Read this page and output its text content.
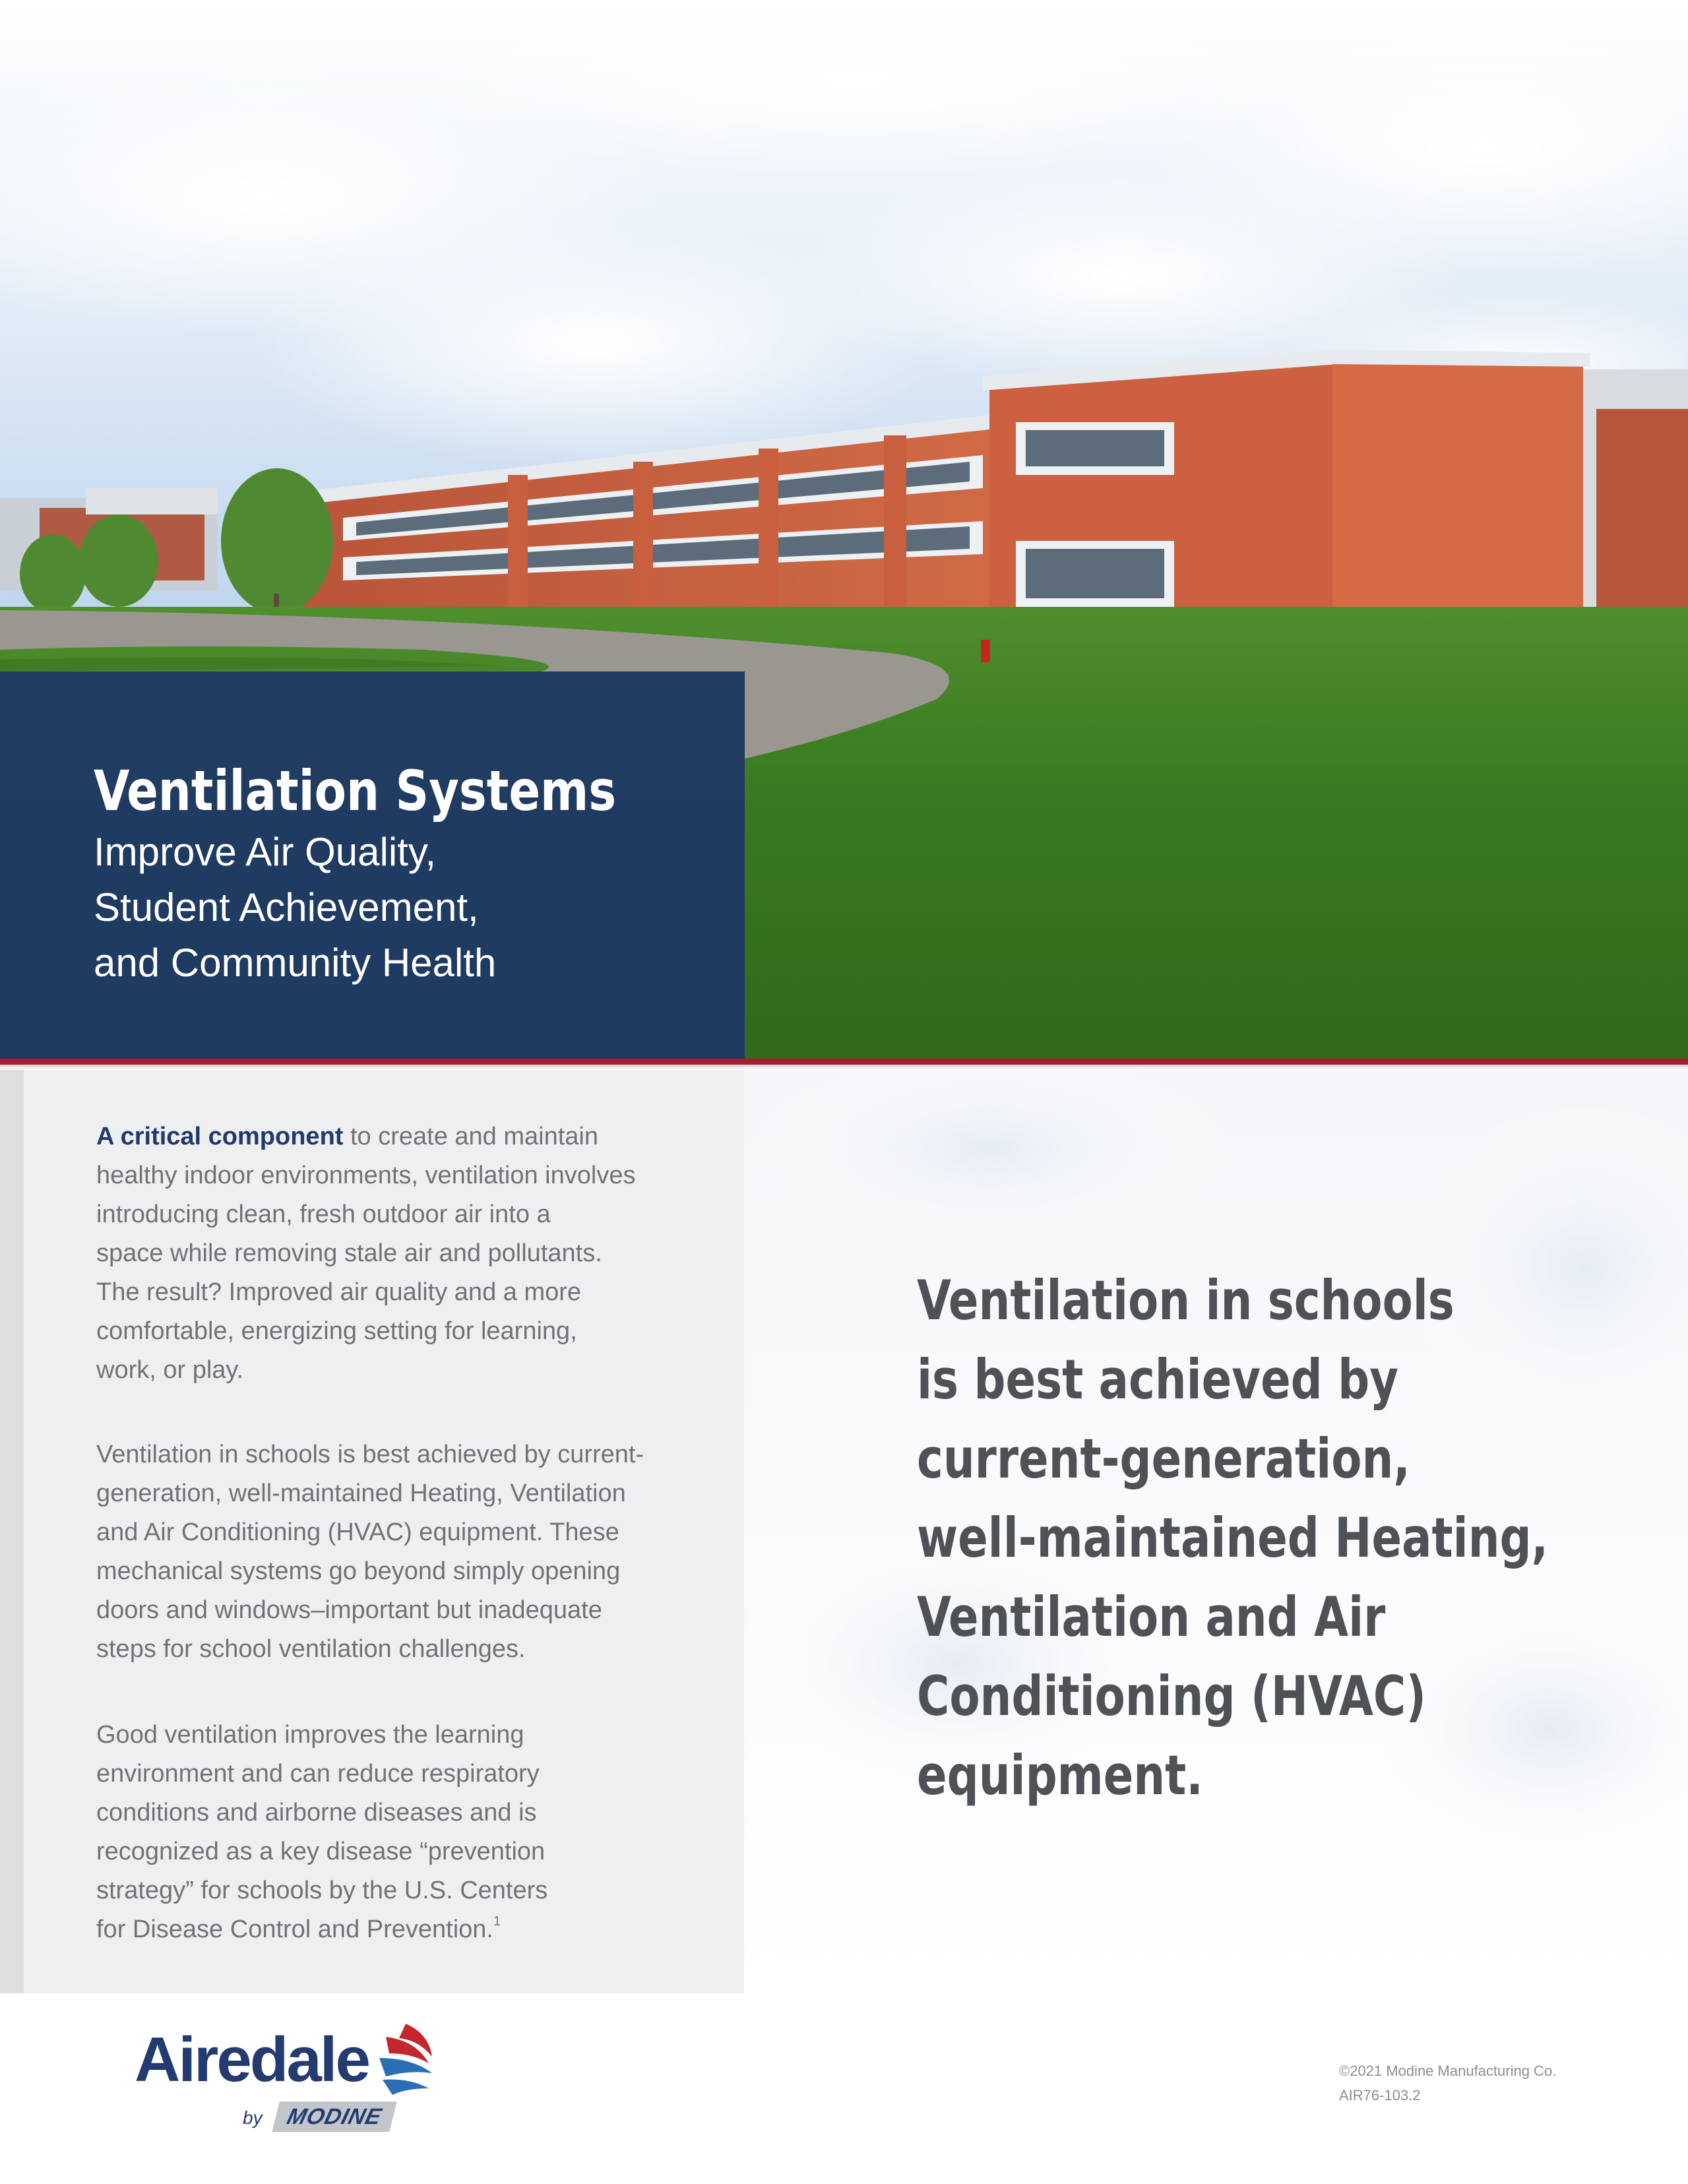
Ventilation Systems

Improve Air Quality,

Student Achievement,

and Community Health

A critical component to create and maintain

healthy indoor environments, ventilation involves

introducing clean, fresh outdoor air into a

space while removing stale air and pollutants.

The result? Improved air quality and a more

comfortable, energizing setting for learning,

work, or play.

Ventilation in schools is best achieved by current-

generation, well-maintained Heating, Ventilation

and Air Conditioning (HVAC) equipment. These

mechanical systems go beyond simply opening

doors and windows–important but inadequate

steps for school ventilation challenges.

Good ventilation improves the learning

environment and can reduce respiratory

conditions and airborne diseases and is

recognized as a key disease “prevention

strategy” for schools by the U.S. Centers

for Disease Control and Prevention.$^1$

Ventilation in schools
is best achieved by
current-generation,
well-maintained Heating,
Ventilation and Air
Conditioning (HVAC)
equipment.

Airedale

by MODINE

©2021 Modine Manufacturing Co.

AIR76-103.2
